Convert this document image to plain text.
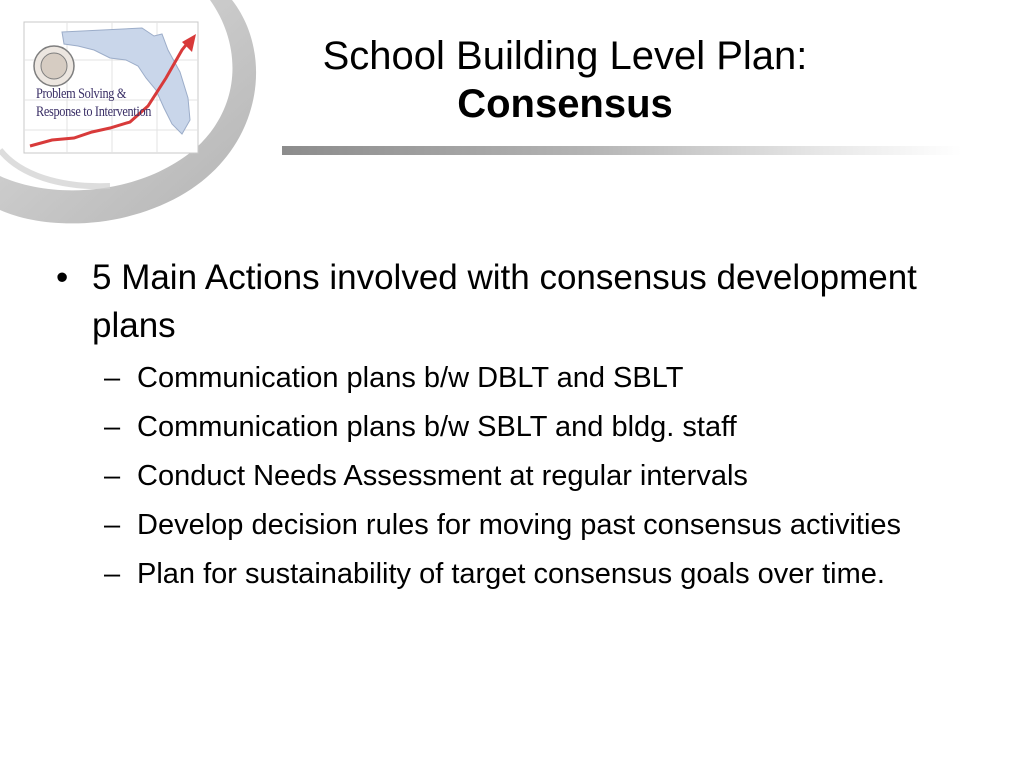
Problem Solving &
Response to Intervention
School Building Level Plan:
Consensus
• 5 Main Actions involved with consensus development plans
– Communication plans b/w DBLT and SBLT
– Communication plans b/w SBLT and bldg. staff
– Conduct Needs Assessment at regular intervals
– Develop decision rules for moving past consensus activities
– Plan for sustainability of target consensus goals over time.
